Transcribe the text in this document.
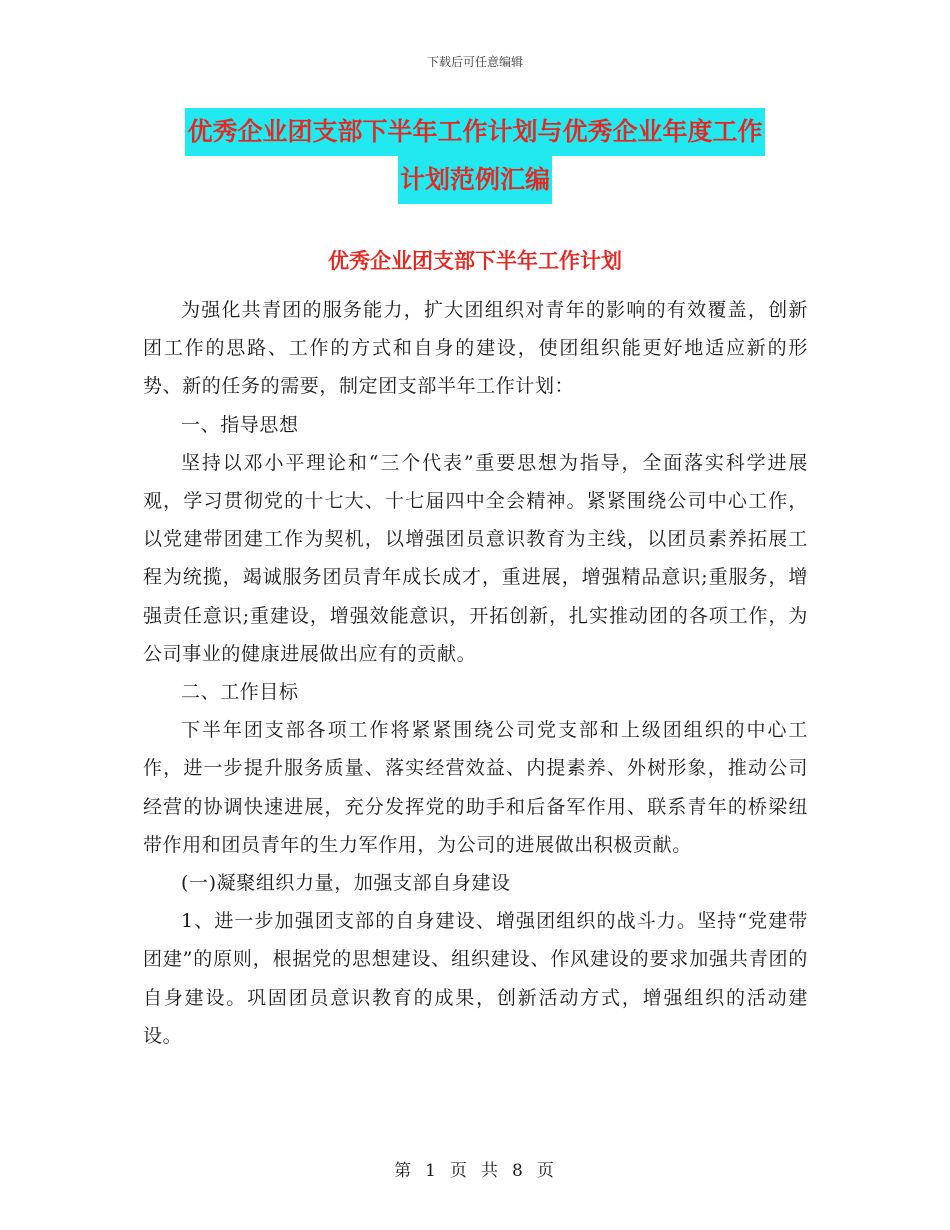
下载后可任意编辑
优秀企业团支部下半年工作计划与优秀企业年度工作
计划范例汇编
优秀企业团支部下半年工作计划

为强化共青团的服务能力，扩大团组织对青年的影响的有效覆盖，创新团工作的思路、工作的方式和自身的建设，使团组织能更好地适应新的形势、新的任务的需要，制定团支部半年工作计划：

一、指导思想

坚持以邓小平理论和“三个代表”重要思想为指导，全面落实科学进展观，学习贯彻党的十七大、十七届四中全会精神。紧紧围绕公司中心工作，以党建带团建工作为契机，以增强团员意识教育为主线，以团员素养拓展工程为统揽，竭诚服务团员青年成长成才，重进展，增强精品意识;重服务，增强责任意识;重建设，增强效能意识，开拓创新，扎实推动团的各项工作，为公司事业的健康进展做出应有的贡献。

二、工作目标

下半年团支部各项工作将紧紧围绕公司党支部和上级团组织的中心工作，进一步提升服务质量、落实经营效益、内提素养、外树形象，推动公司经营的协调快速进展，充分发挥党的助手和后备军作用、联系青年的桥梁纽带作用和团员青年的生力军作用，为公司的进展做出积极贡献。

(一)凝聚组织力量，加强支部自身建设

1、进一步加强团支部的自身建设、增强团组织的战斗力。坚持“党建带团建”的原则，根据党的思想建设、组织建设、作风建设的要求加强共青团的自身建设。巩固团员意识教育的成果，创新活动方式，增强组织的活动建设。

第 1 页 共 8 页
